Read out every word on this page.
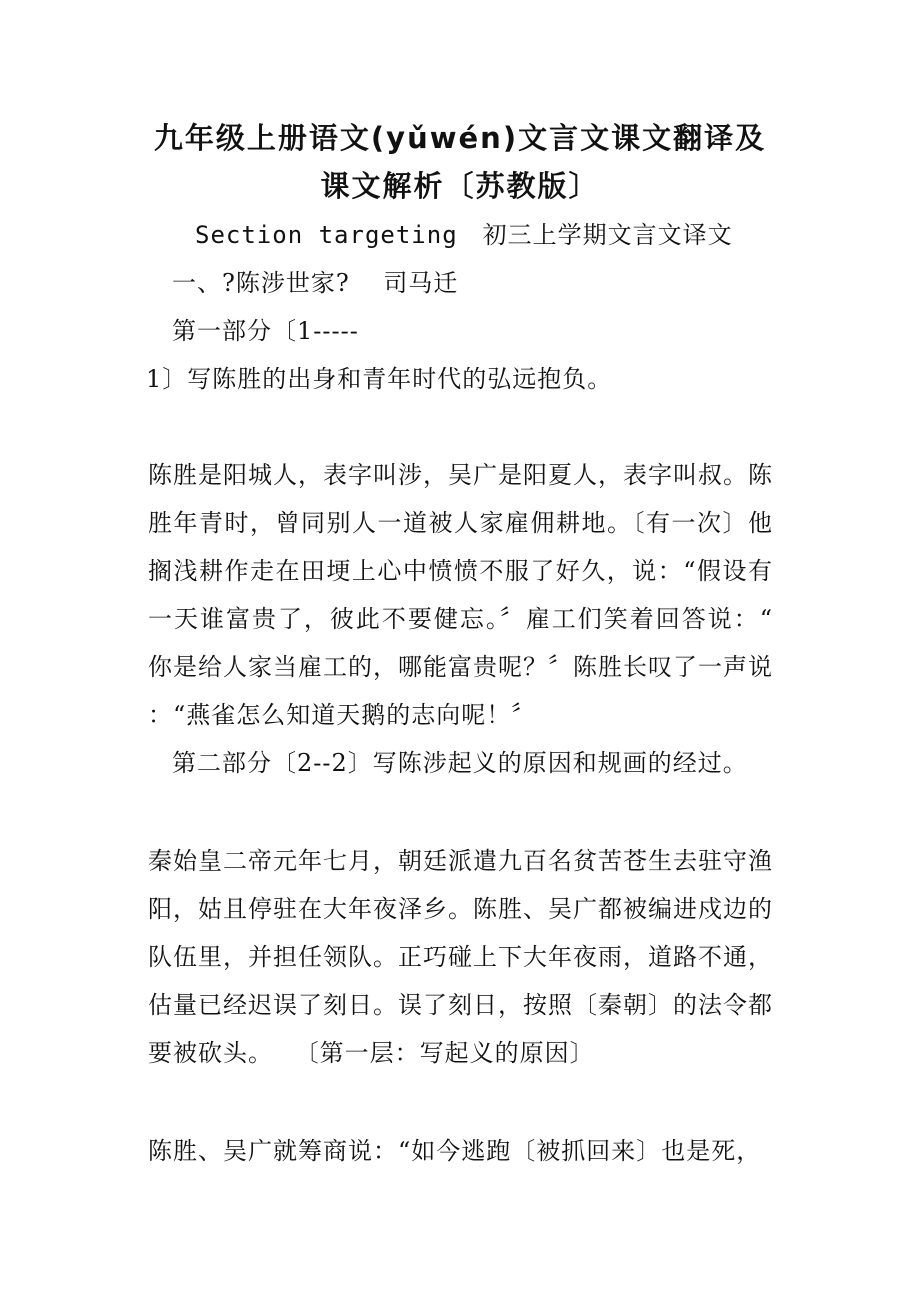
九年级上册语文(yǔwén)文言文课文翻译及
课文解析〔苏教版〕
Section targeting　初三上学期文言文译文
一、?陈涉世家?　 司马迁
第一部分〔1-----
1〕写陈胜的出身和青年时代的弘远抱负。
陈胜是阳城人，表字叫涉，吴广是阳夏人，表字叫叔。陈
胜年青时，曾同别人一道被人家雇佣耕地。〔有一次〕他
搁浅耕作走在田埂上心中愤愤不服了好久，说：“假设有
一天谁富贵了，彼此不要健忘。〞雇工们笑着回答说：“
你是给人家当雇工的，哪能富贵呢？〞陈胜长叹了一声说
：“燕雀怎么知道天鹅的志向呢！〞
第二部分〔2--2〕写陈涉起义的原因和规画的经过。
秦始皇二帝元年七月，朝廷派遣九百名贫苦苍生去驻守渔
阳，姑且停驻在大年夜泽乡。陈胜、吴广都被编进戍边的
队伍里，并担任领队。正巧碰上下大年夜雨，道路不通，
估量已经迟误了刻日。误了刻日，按照〔秦朝〕的法令都
要被砍头。　 〔第一层：写起义的原因〕
陈胜、吴广就筹商说：“如今逃跑〔被抓回来〕也是死，
